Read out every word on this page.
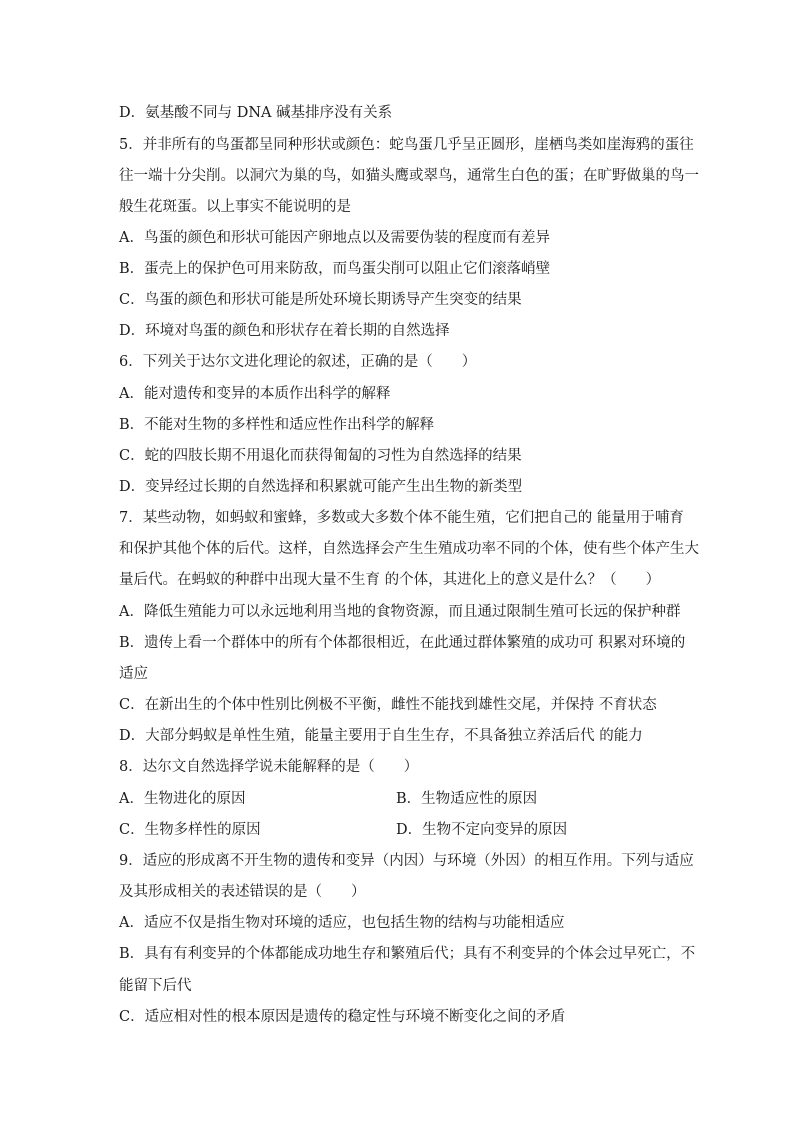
D．氨基酸不同与 DNA 碱基排序没有关系
5．并非所有的鸟蛋都呈同种形状或颜色：蛇鸟蛋几乎呈正圆形，崖栖鸟类如崖海鸦的蛋往
往一端十分尖削。以洞穴为巢的鸟，如猫头鹰或翠鸟，通常生白色的蛋；在旷野做巢的鸟一
般生花斑蛋。以上事实不能说明的是
A．鸟蛋的颜色和形状可能因产卵地点以及需要伪装的程度而有差异
B．蛋壳上的保护色可用来防敌，而鸟蛋尖削可以阻止它们滚落峭壁
C．鸟蛋的颜色和形状可能是所处环境长期诱导产生突变的结果
D．环境对鸟蛋的颜色和形状存在着长期的自然选择
6．下列关于达尔文进化理论的叙述，正确的是（　　）
A．能对遗传和变异的本质作出科学的解释
B．不能对生物的多样性和适应性作出科学的解释
C．蛇的四肢长期不用退化而获得匍匐的习性为自然选择的结果
D．变异经过长期的自然选择和积累就可能产生出生物的新类型
7．某些动物，如蚂蚁和蜜蜂，多数或大多数个体不能生殖，它们把自己的 能量用于哺育
和保护其他个体的后代。这样，自然选择会产生生殖成功率不同的个体，使有些个体产生大
量后代。在蚂蚁的种群中出现大量不生育 的个体，其进化上的意义是什么？（　　）
A．降低生殖能力可以永远地利用当地的食物资源，而且通过限制生殖可长远的保护种群
B．遗传上看一个群体中的所有个体都很相近，在此通过群体繁殖的成功可 积累对环境的
适应
C．在新出生的个体中性别比例极不平衡，雌性不能找到雄性交尾，并保持 不育状态
D．大部分蚂蚁是单性生殖，能量主要用于自生生存，不具备独立养活后代 的能力
8．达尔文自然选择学说未能解释的是（　　）
A．生物进化的原因	B．生物适应性的原因
C．生物多样性的原因	D．生物不定向变异的原因
9．适应的形成离不开生物的遗传和变异（内因）与环境（外因）的相互作用。下列与适应
及其形成相关的表述错误的是（　　）
A．适应不仅是指生物对环境的适应，也包括生物的结构与功能相适应
B．具有有利变异的个体都能成功地生存和繁殖后代；具有不利变异的个体会过早死亡，不
能留下后代
C．适应相对性的根本原因是遗传的稳定性与环境不断变化之间的矛盾
